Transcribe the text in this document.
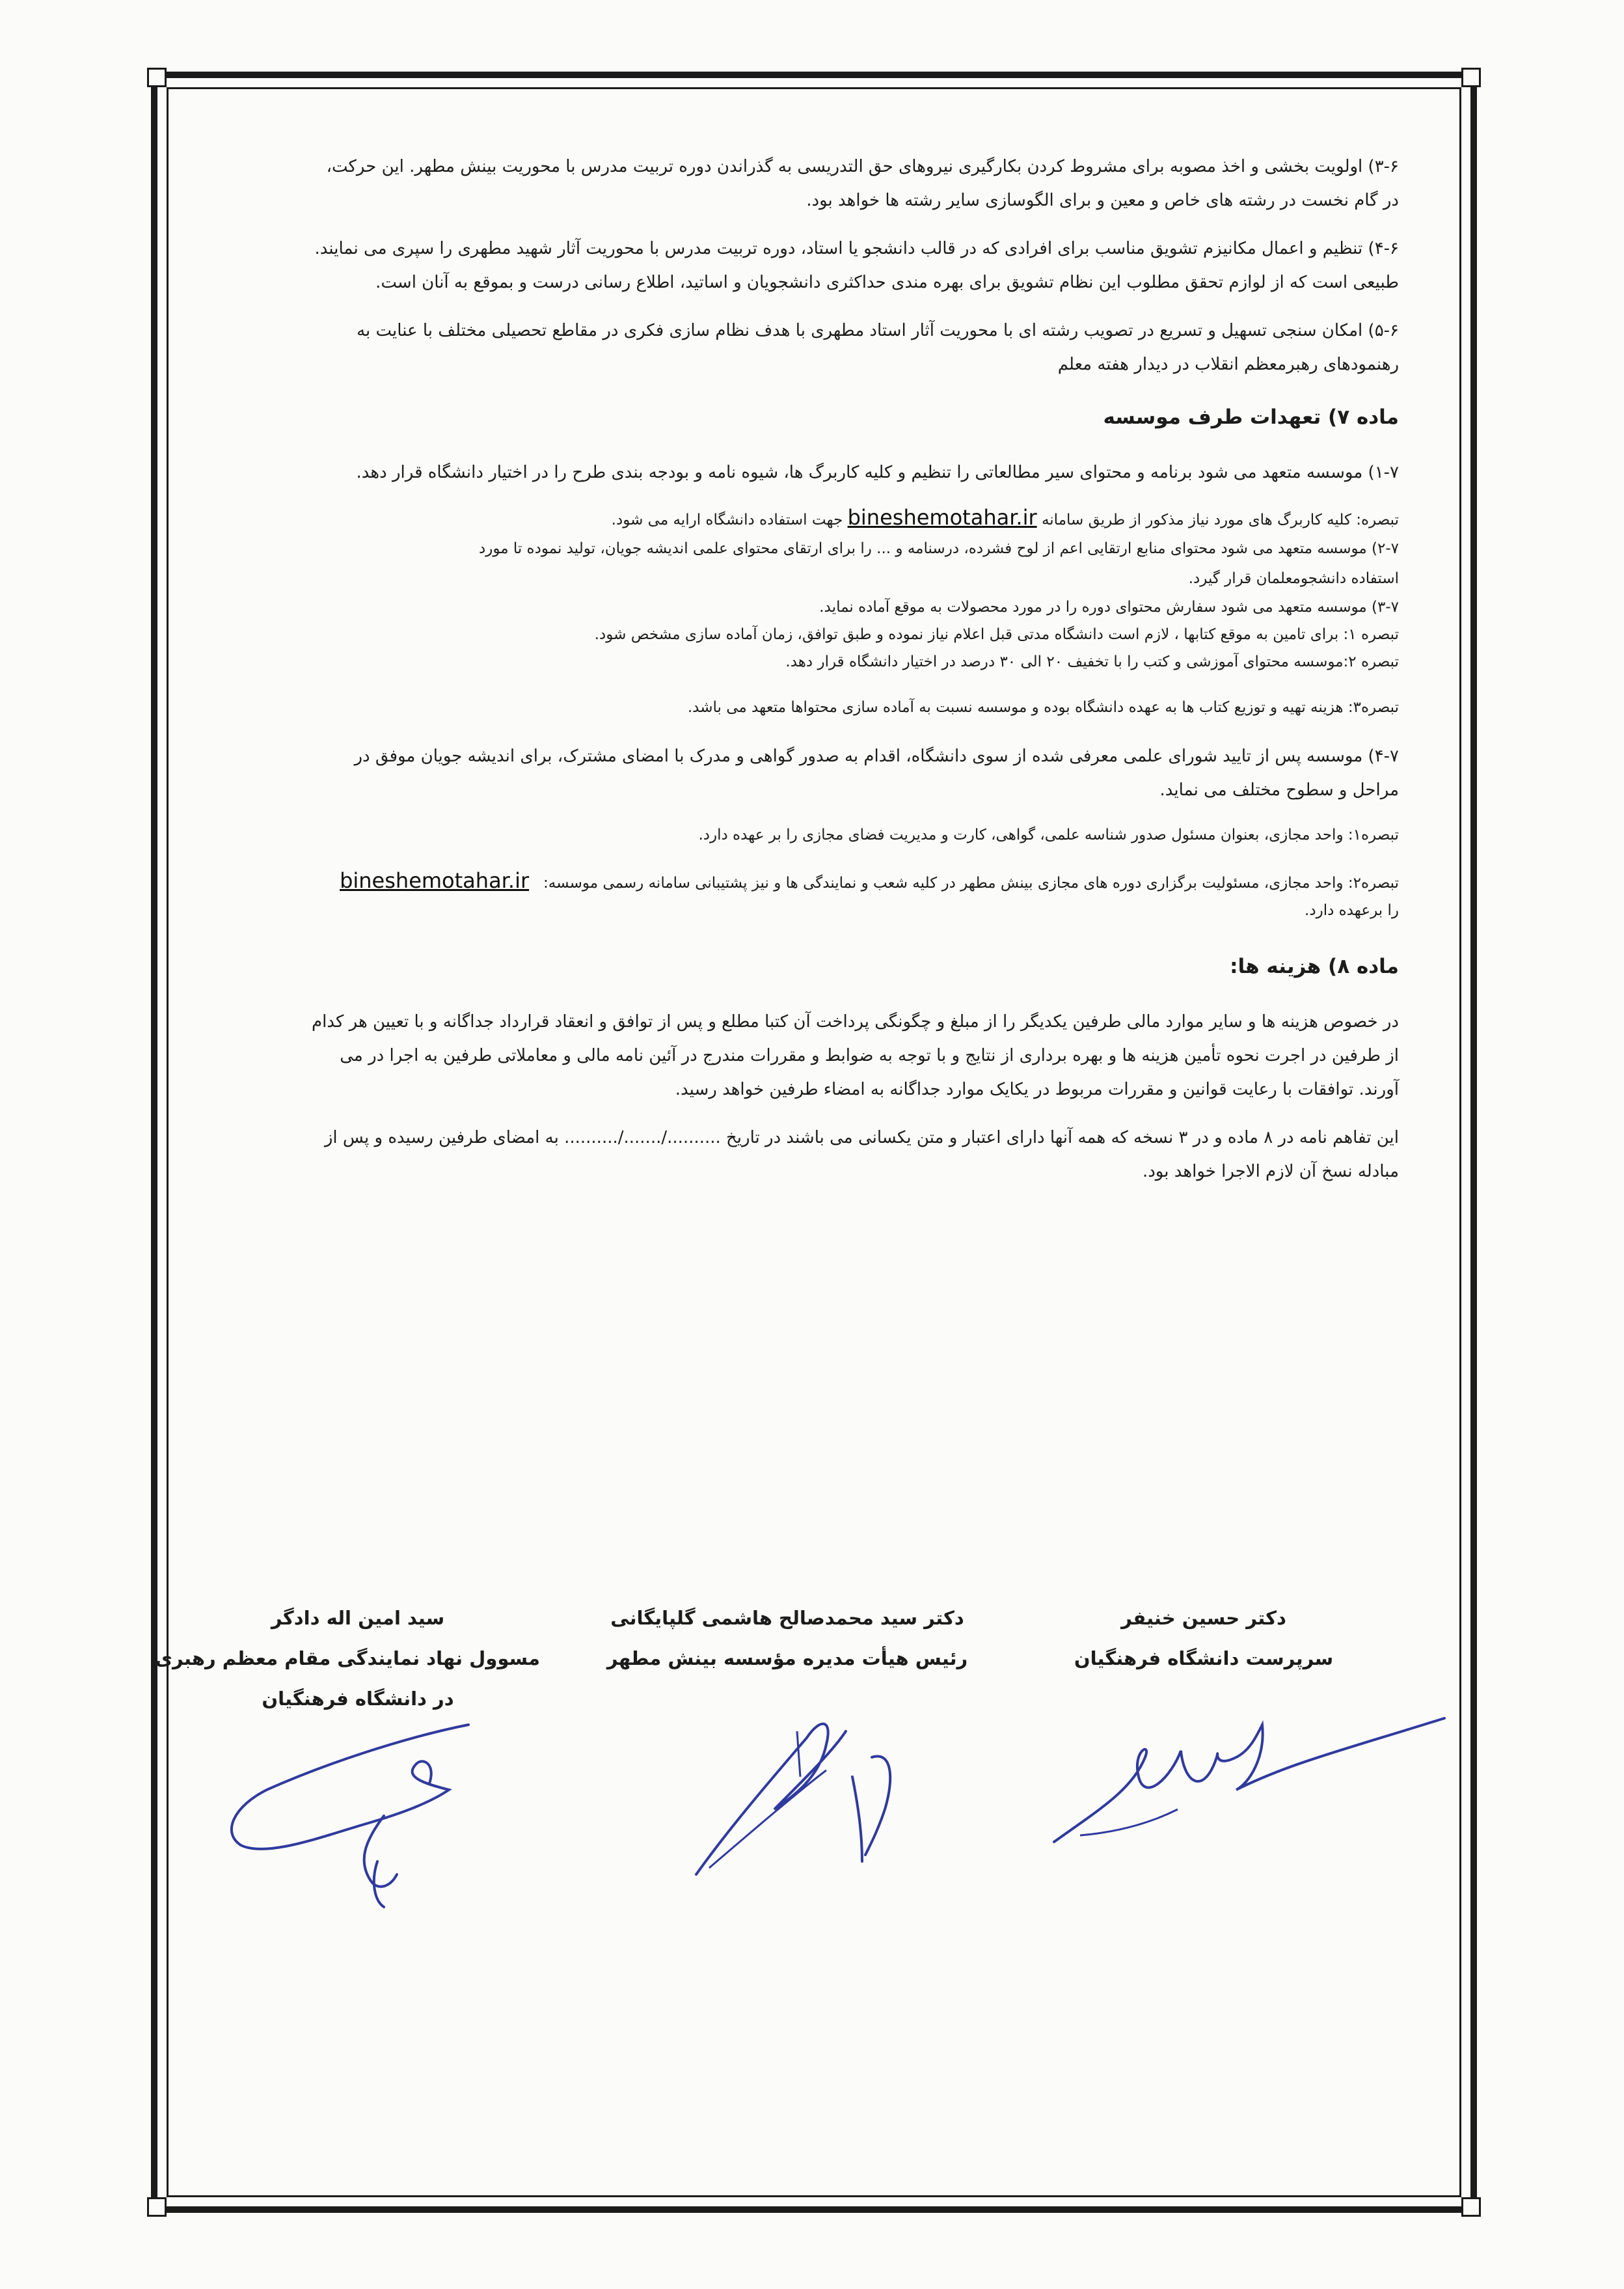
۳-۶) اولویت بخشی و اخذ مصوبه برای مشروط کردن بکارگیری نیروهای حق التدریسی به گذراندن دوره تربیت مدرس با محوریت بینش مطهر. این حرکت،
در گام نخست در رشته های خاص و معین و برای الگوسازی سایر رشته ها خواهد بود.
۴-۶) تنظیم و اعمال مکانیزم تشویق مناسب برای افرادی که در قالب دانشجو یا استاد، دوره تربیت مدرس با محوریت آثار شهید مطهری را سپری می نمایند.
طبیعی است که از لوازم تحقق مطلوب این نظام تشویق برای بهره مندی حداکثری دانشجویان و اساتید، اطلاع رسانی درست و بموقع به آنان است.
۵-۶) امکان سنجی تسهیل و تسریع در تصویب رشته ای با محوریت آثار استاد مطهری با هدف نظام سازی فکری در مقاطع تحصیلی مختلف با عنایت به
رهنمودهای رهبرمعظم انقلاب در دیدار هفته معلم
ماده ۷) تعهدات طرف موسسه
۱-۷) موسسه متعهد می شود برنامه و محتوای سیر مطالعاتی را تنظیم و کلیه کاربرگ ها، شیوه نامه و بودجه بندی طرح را در اختیار دانشگاه قرار دهد.
تبصره: کلیه کاربرگ های مورد نیاز مذکور از طریق سامانه bineshemotahar.ir جهت استفاده دانشگاه ارایه می شود.
۲-۷) موسسه متعهد می شود محتوای منابع ارتقایی اعم از لوح فشرده، درسنامه و ... را برای ارتقای محتوای علمی اندیشه جویان، تولید نموده تا مورد
استفاده دانشجومعلمان قرار گیرد.
۳-۷) موسسه متعهد می شود سفارش محتوای دوره را در مورد محصولات به موقع آماده نماید.
تبصره ۱: برای تامین به موقع کتابها ، لازم است دانشگاه مدتی قبل اعلام نیاز نموده و طبق توافق، زمان آماده سازی مشخص شود.
تبصره ۲:موسسه محتوای آموزشی و کتب را با تخفیف ۲۰ الی ۳۰ درصد در اختیار دانشگاه قرار دهد.
تبصره۳: هزینه تهیه و توزیع کتاب ها به عهده دانشگاه بوده و موسسه نسبت به آماده سازی محتواها متعهد می باشد.
۴-۷) موسسه پس از تایید شورای علمی معرفی شده از سوی دانشگاه، اقدام به صدور گواهی و مدرک با امضای مشترک، برای اندیشه جویان موفق در
مراحل و سطوح مختلف می نماید.
تبصره۱: واحد مجازی، بعنوان مسئول صدور شناسه علمی، گواهی، کارت و مدیریت فضای مجازی را بر عهده دارد.
تبصره۲: واحد مجازی، مسئولیت برگزاری دوره های مجازی بینش مطهر در کلیه شعب و نمایندگی ها و نیز پشتیبانی سامانه رسمی موسسه:   bineshemotahar.ir
را برعهده دارد.
ماده ۸) هزینه ها:
در خصوص هزینه ها و سایر موارد مالی طرفین یکدیگر را از مبلغ و چگونگی پرداخت آن کتبا مطلع و پس از توافق و انعقاد قرارداد جداگانه و با تعیین هر کدام
از طرفین در اجرت نحوه تأمین هزینه ها و بهره برداری از نتایج و با توجه به ضوابط و مقررات مندرج در آئین نامه مالی و معاملاتی طرفین به اجرا در می
آورند. توافقات با رعایت قوانین و مقررات مربوط در یکایک موارد جداگانه به امضاء طرفین خواهد رسید.
این تفاهم نامه در ۸ ماده و در ۳ نسخه که همه آنها دارای اعتبار و متن یکسانی می باشند در تاریخ ........../......./.......... به امضای طرفین رسیده و پس از
مبادله نسخ آن لازم الاجرا خواهد بود.
دکتر حسین خنیفر
سرپرست دانشگاه فرهنگیان
دکتر سید محمدصالح هاشمی گلپایگانی
رئیس هیأت مدیره مؤسسه بینش مطهر
سید امین اله دادگر
مسوول نهاد نمایندگی مقام معظم رهبری
در دانشگاه فرهنگیان
